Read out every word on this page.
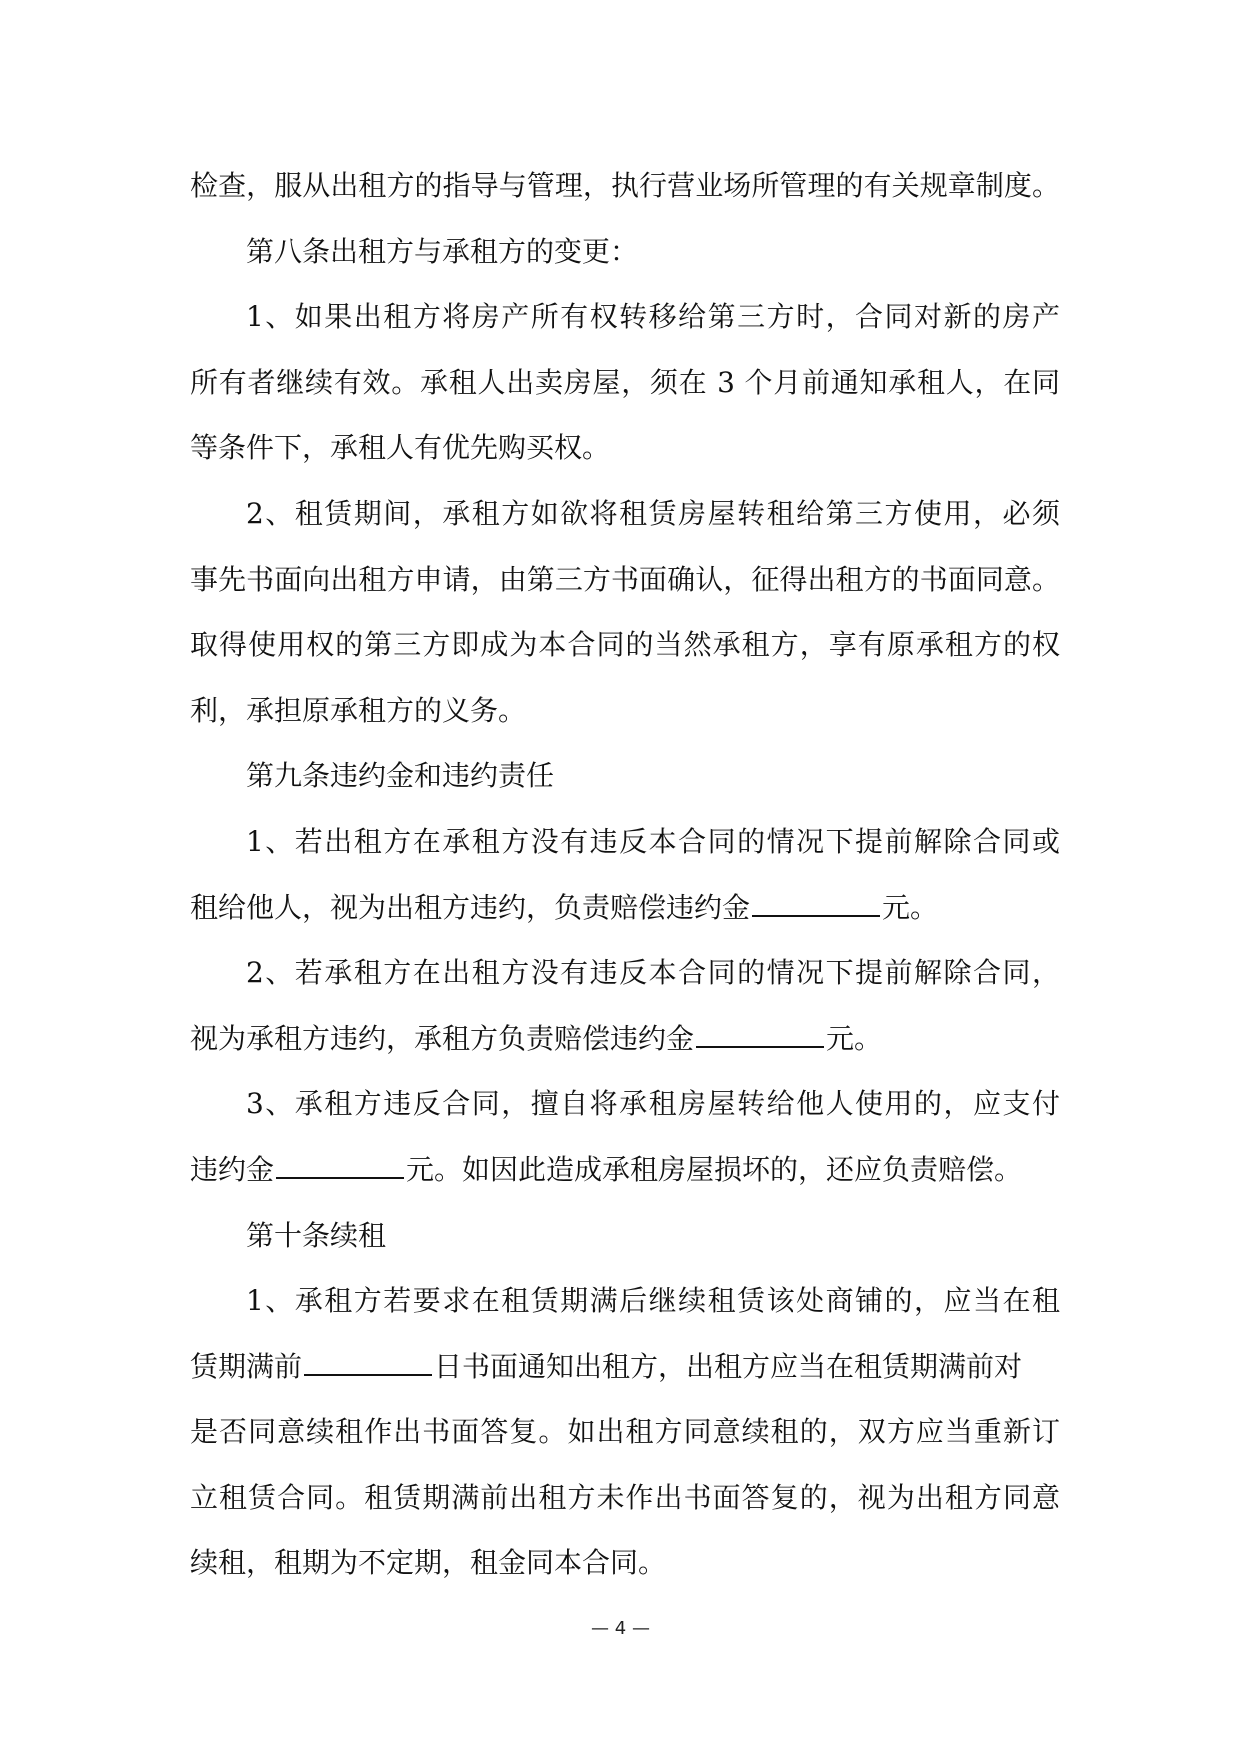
检查，服从出租方的指导与管理，执行营业场所管理的有关规章制度。
第八条出租方与承租方的变更：
1、如果出租方将房产所有权转移给第三方时，合同对新的房产
所有者继续有效。承租人出卖房屋，须在 3 个月前通知承租人，在同
等条件下，承租人有优先购买权。
2、租赁期间，承租方如欲将租赁房屋转租给第三方使用，必须
事先书面向出租方申请，由第三方书面确认，征得出租方的书面同意。
取得使用权的第三方即成为本合同的当然承租方，享有原承租方的权
利，承担原承租方的义务。
第九条违约金和违约责任
1、若出租方在承租方没有违反本合同的情况下提前解除合同或
租给他人，视为出租方违约，负责赔偿违约金	元。
2、若承租方在出租方没有违反本合同的情况下提前解除合同，
视为承租方违约，承租方负责赔偿违约金	元。
3、承租方违反合同，擅自将承租房屋转给他人使用的，应支付
违约金	元。如因此造成承租房屋损坏的，还应负责赔偿。
第十条续租
1、承租方若要求在租赁期满后继续租赁该处商铺的，应当在租
赁期满前	日书面通知出租方，出租方应当在租赁期满前对
是否同意续租作出书面答复。如出租方同意续租的，双方应当重新订
立租赁合同。租赁期满前出租方未作出书面答复的，视为出租方同意
续租，租期为不定期，租金同本合同。
— 4 —
